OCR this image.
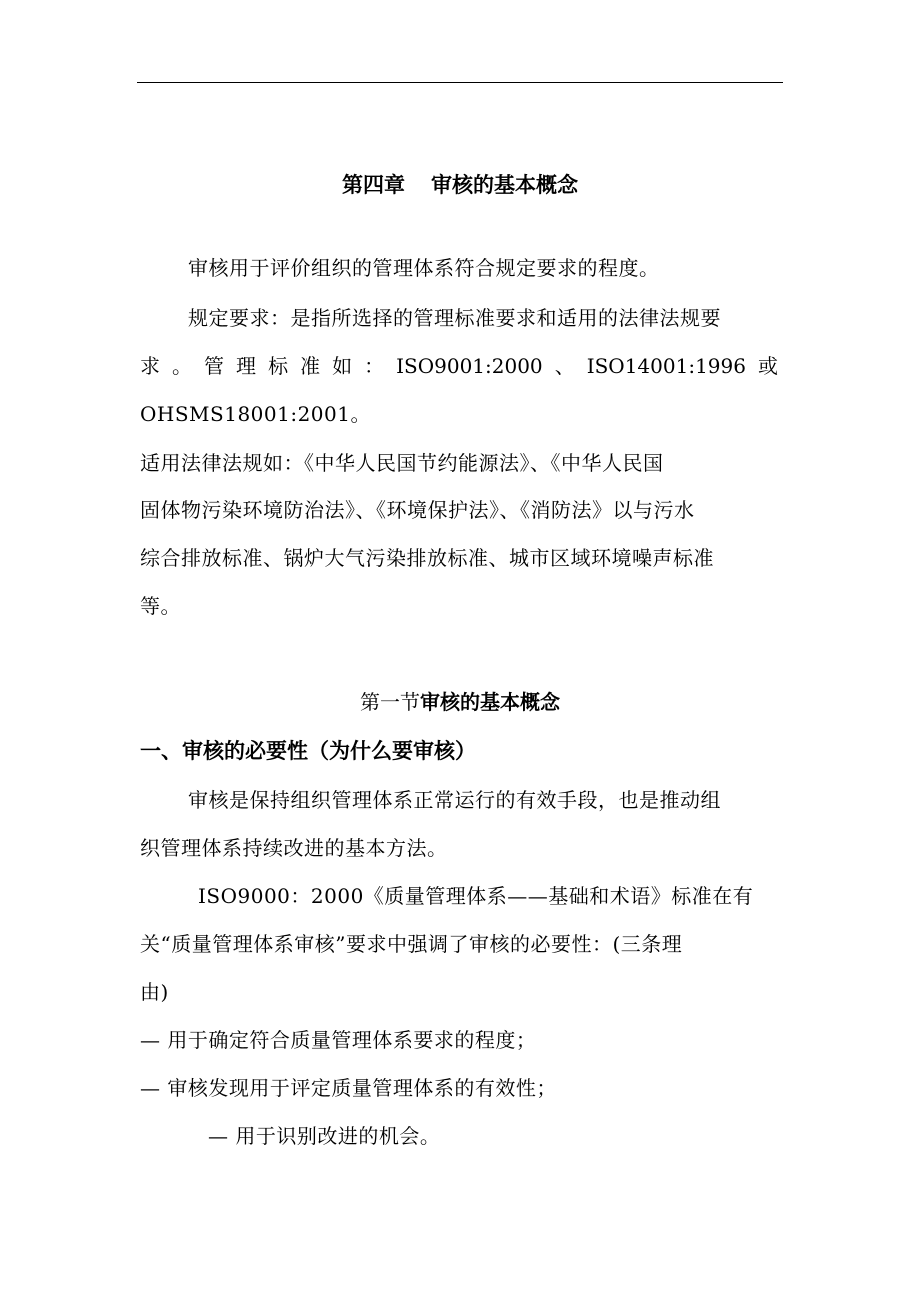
第四章 审核的基本概念
审核用于评价组织的管理体系符合规定要求的程度。
规定要求：是指所选择的管理标准要求和适用的法律法规要
求 。 管 理 标 准 如 ： ISO9001:2000 、 ISO14001:1996 或
OHSMS18001:2001。
适用法律法规如：《中华人民国节约能源法》、《中华人民国
固体物污染环境防治法》、《环境保护法》、《消防法》以与污水
综合排放标准、锅炉大气污染排放标准、城市区域环境噪声标准
等。
第一节审核的基本概念
一、审核的必要性（为什么要审核）
审核是保持组织管理体系正常运行的有效手段，也是推动组
织管理体系持续改进的基本方法。
ISO9000：2000《质量管理体系——基础和术语》标准在有
关“质量管理体系审核”要求中强调了审核的必要性：(三条理
由)
— 用于确定符合质量管理体系要求的程度；
— 审核发现用于评定质量管理体系的有效性；
— 用于识别改进的机会。
